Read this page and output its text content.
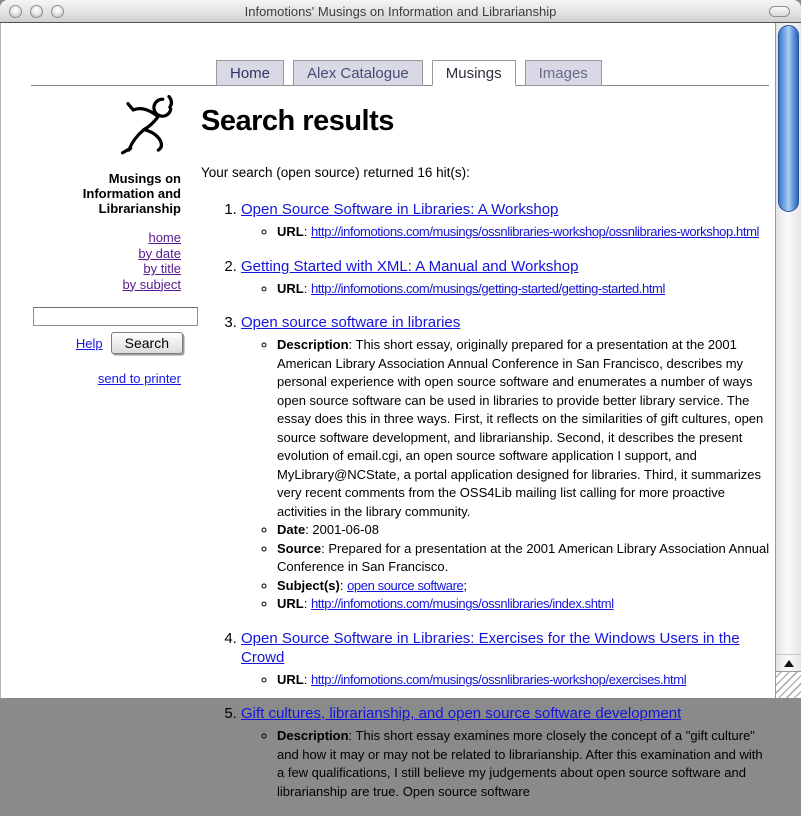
Infomotions' Musings on Information and Librarianship
Home	Alex Catalogue	Musings	Images
Musings on
Information and
Librarianship
home
by date
by title
by subject
Help	Search
send to printer
Search results

Your search (open source) returned 16 hit(s):

1. Open Source Software in Libraries: A Workshop
◦ URL: http://infomotions.com/musings/ossnlibraries-workshop/ossnlibraries-workshop.html
2. Getting Started with XML: A Manual and Workshop
◦ URL: http://infomotions.com/musings/getting-started/getting-started.html
3. Open source software in libraries
◦ Description: This short essay, originally prepared for a presentation at the 2001 American Library Association Annual Conference in San Francisco, describes my personal experience with open source software and enumerates a number of ways open source software can be used in libraries to provide better library service. The essay does this in three ways. First, it reflects on the similarities of gift cultures, open source software development, and librarianship. Second, it describes the present evolution of email.cgi, an open source software application I support, and MyLibrary@NCState, a portal application designed for libraries. Third, it summarizes very recent comments from the OSS4Lib mailing list calling for more proactive activities in the library community.
◦ Date: 2001-06-08
◦ Source: Prepared for a presentation at the 2001 American Library Association Annual Conference in San Francisco.
◦ Subject(s): open source software;
◦ URL: http://infomotions.com/musings/ossnlibraries/index.shtml
4. Open Source Software in Libraries: Exercises for the Windows Users in the Crowd
◦ URL: http://infomotions.com/musings/ossnlibraries-workshop/exercises.html
5. Gift cultures, librarianship, and open source software development
◦ Description: This short essay examines more closely the concept of a "gift culture" and how it may or may not be related to librarianship. After this examination and with a few qualifications, I still believe my judgements about open source software and librarianship are true. Open source software
